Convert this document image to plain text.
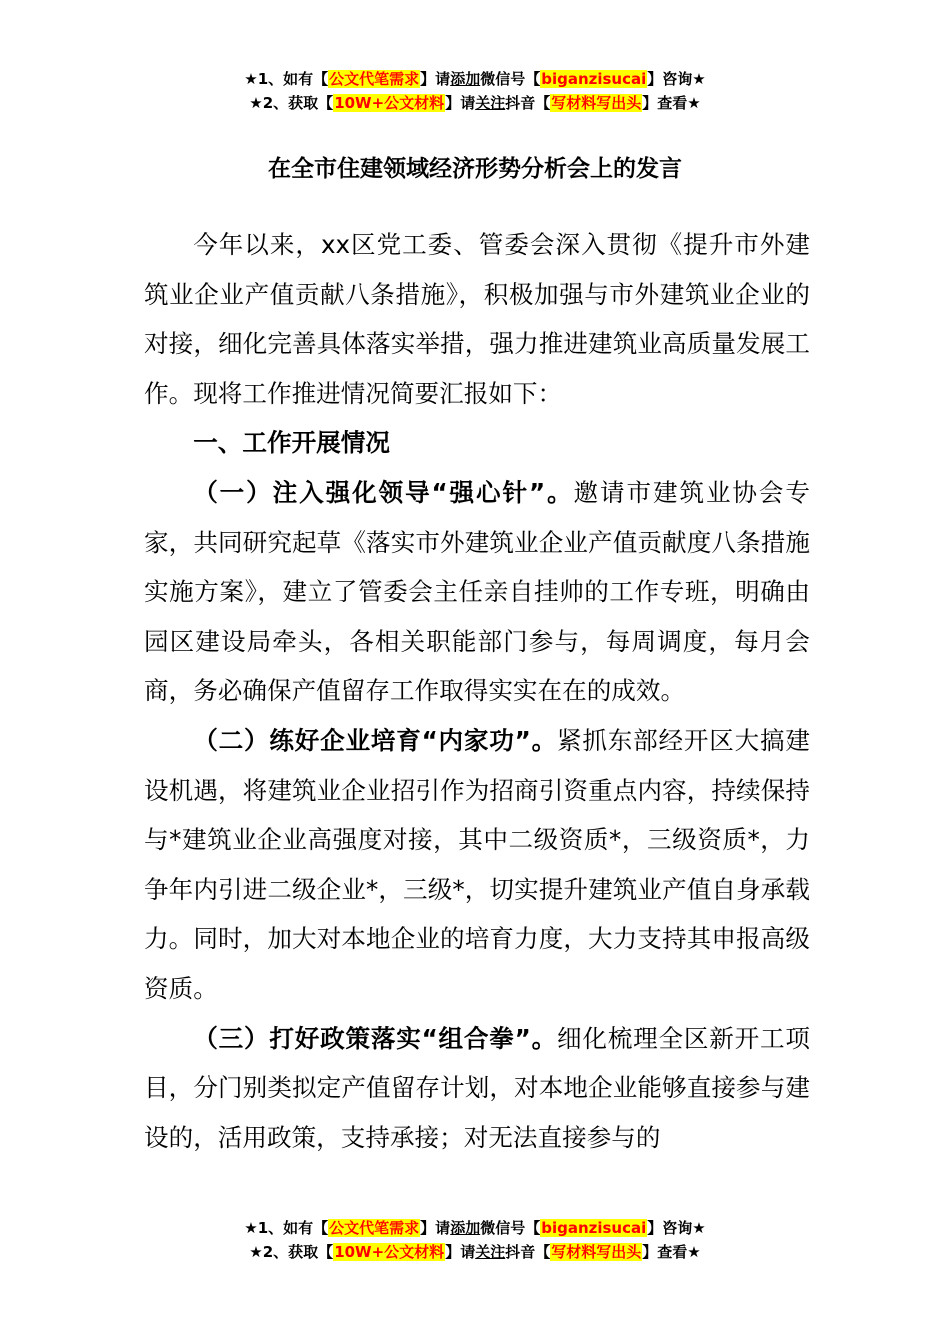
★1、如有【公文代笔需求】请添加微信号【biganzisucai】咨询★
★2、获取【10W+公文材料】请关注抖音【写材料写出头】查看★
在全市住建领域经济形势分析会上的发言

今年以来，xx区党工委、管委会深入贯彻《提升市外建筑业企业产值贡献八条措施》，积极加强与市外建筑业企业的对接，细化完善具体落实举措，强力推进建筑业高质量发展工作。现将工作推进情况简要汇报如下：

一、工作开展情况

（一）注入强化领导“强心针”。邀请市建筑业协会专家，共同研究起草《落实市外建筑业企业产值贡献度八条措施实施方案》，建立了管委会主任亲自挂帅的工作专班，明确由园区建设局牵头，各相关职能部门参与，每周调度，每月会商，务必确保产值留存工作取得实实在在的成效。

（二）练好企业培育“内家功”。紧抓东部经开区大搞建设机遇，将建筑业企业招引作为招商引资重点内容，持续保持与*建筑业企业高强度对接，其中二级资质*，三级资质*，力争年内引进二级企业*，三级*，切实提升建筑业产值自身承载力。同时，加大对本地企业的培育力度，大力支持其申报高级资质。

（三）打好政策落实“组合拳”。细化梳理全区新开工项目，分门别类拟定产值留存计划，对本地企业能够直接参与建设的，活用政策，支持承接；对无法直接参与的

★1、如有【公文代笔需求】请添加微信号【biganzisucai】咨询★
★2、获取【10W+公文材料】请关注抖音【写材料写出头】查看★
